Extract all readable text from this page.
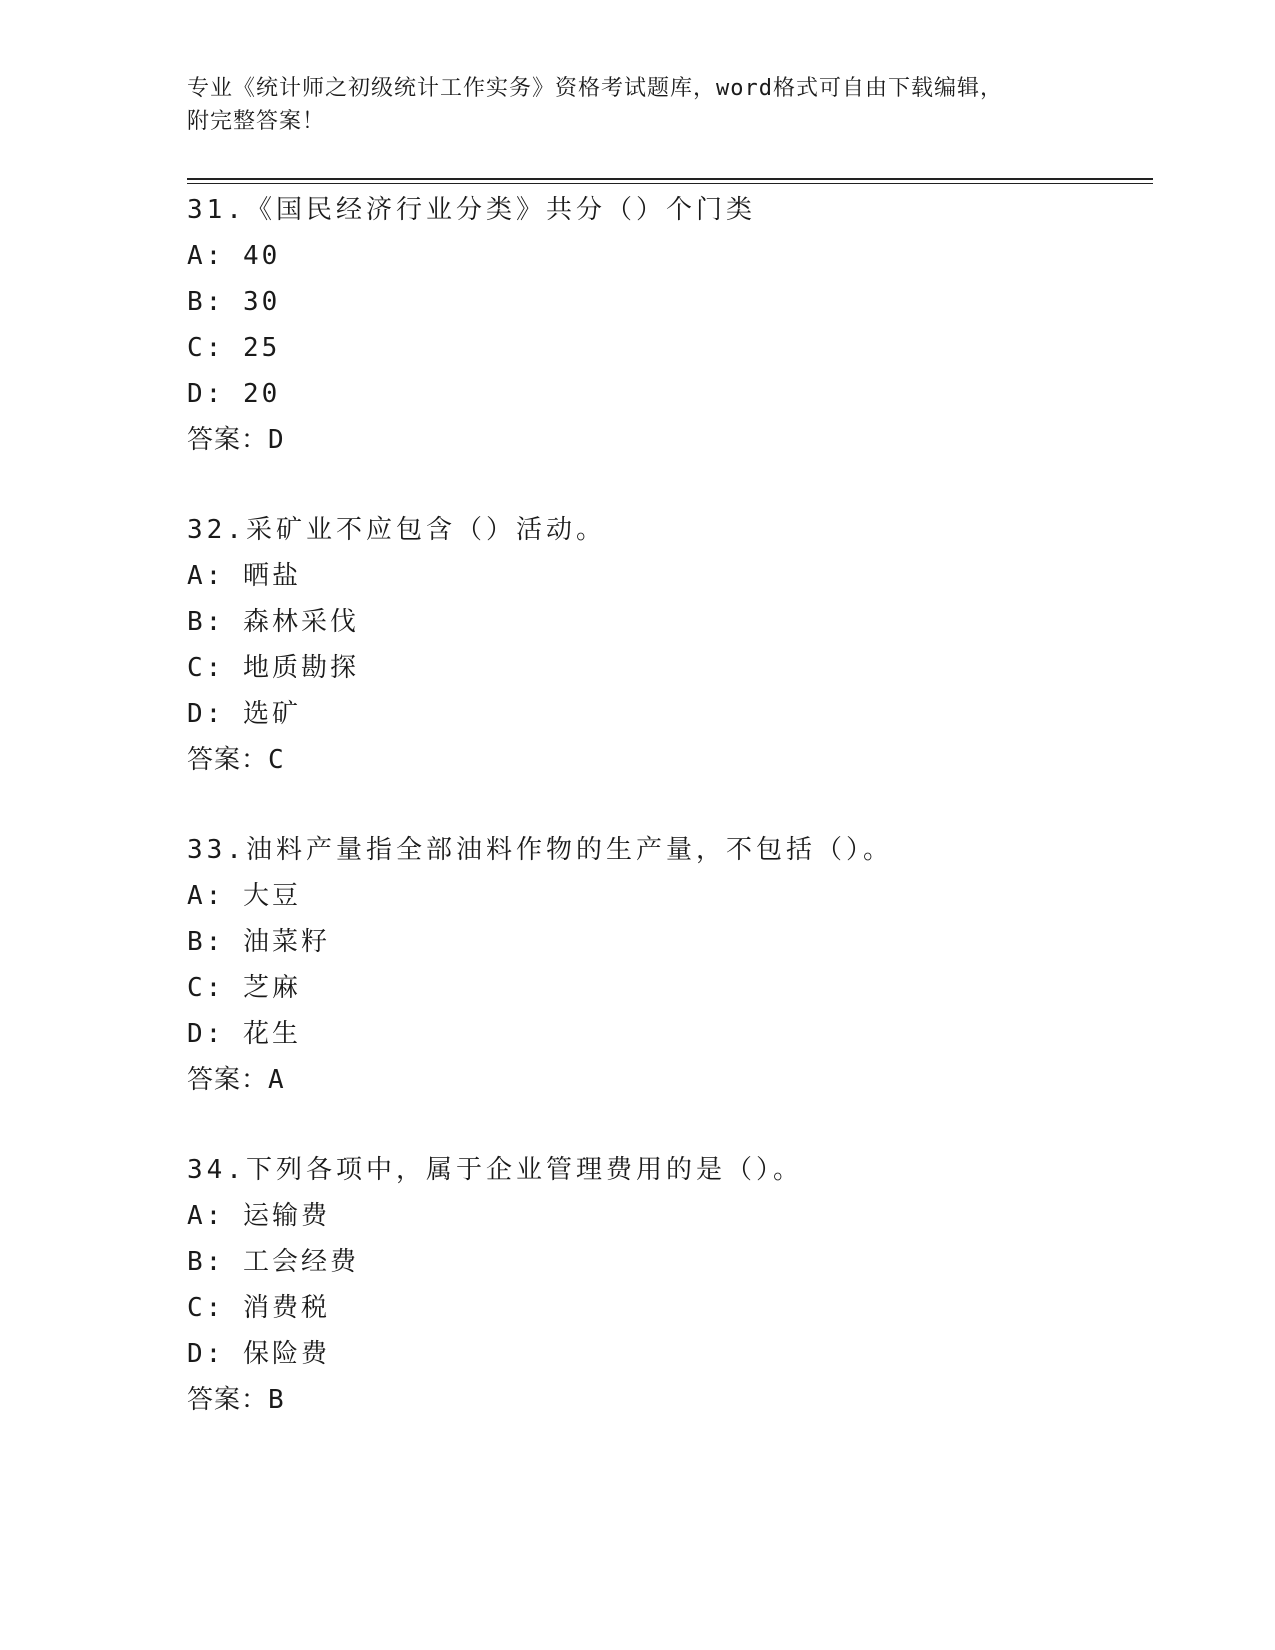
专业《统计师之初级统计工作实务》资格考试题库，word格式可自由下载编辑，
附完整答案！
31.《国民经济行业分类》共分（）个门类
A: 40
B: 30
C: 25
D: 20
答案：D
32.采矿业不应包含（）活动。
A: 晒盐
B: 森林采伐
C: 地质勘探
D: 选矿
答案：C
33.油料产量指全部油料作物的生产量，不包括（）。
A: 大豆
B: 油菜籽
C: 芝麻
D: 花生
答案：A
34.下列各项中，属于企业管理费用的是（）。
A: 运输费
B: 工会经费
C: 消费税
D: 保险费
答案：B
